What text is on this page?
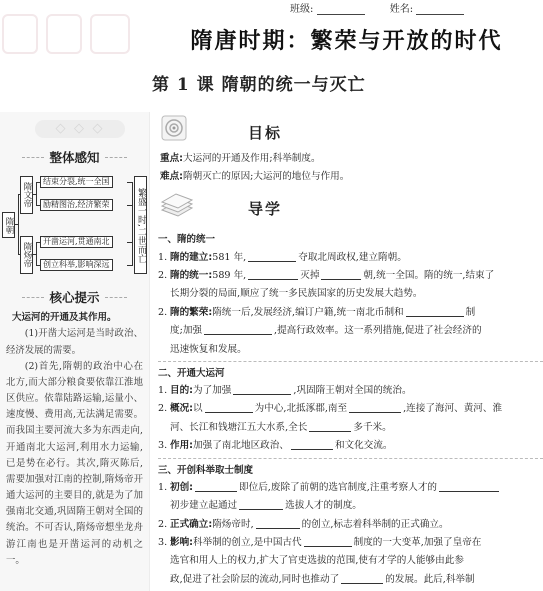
班级:	姓名:
隋唐时期：繁荣与开放的时代
第 1 课 隋朝的统一与灭亡
◇ ◇ ◇
整体感知
隋朝
隋文帝
隋炀帝
结束分裂,统一全国
励精图治,经济繁荣
开凿运河,贯通南北
创立科举,影响深远
繁盛一时,二世而亡
核心提示
大运河的开通及其作用。

(1)开凿大运河是当时政治、经济发展的需要。

(2)首先,隋朝的政治中心在北方,而大部分粮食要依靠江淮地区供应。依靠陆路运输,运量小、速度慢、费用高,无法满足需要。而我国主要河流大多为东西走向,开通南北大运河,利用水力运输,已是势在必行。其次,隋灭陈后,需要加强对江南的控制,隋炀帝开通大运河的主要目的,就是为了加强南北交通,巩固隋王朝对全国的统治。不可否认,隋炀帝想坐龙舟游江南也是开凿运河的动机之一。

目标
重点:大运河的开通及作用;科举制度。
难点:隋朝灭亡的原因;大运河的地位与作用。
导学
一、隋的统一
1. 隋的建立:581 年,	夺取北周政权,建立隋朝。
2. 隋的统一:589 年,	灭掉	朝,统一全国。隋的统一,结束了
长期分裂的局面,顺应了统一多民族国家的历史发展大趋势。
2. 隋的繁荣:隋统一后,发展经济,编订户籍,统一南北币制和	制
度;加强	,提高行政效率。这一系列措施,促进了社会经济的
迅速恢复和发展。
二、开通大运河
1. 目的:为了加强	,巩固隋王朝对全国的统治。
2. 概况:以	为中心,北抵涿郡,南至	,连接了海河、黄河、淮
河、长江和钱塘江五大水系,全长	多千米。
3. 作用:加强了南北地区政治、	和文化交流。
三、开创科举取士制度
1. 初创:	即位后,废除了前朝的选官制度,注重考察人才的
初步建立起通过	选拔人才的制度。
2. 正式确立:隋炀帝时,	的创立,标志着科举制的正式确立。
3. 影响:科举制的创立,是中国古代	制度的一大变革,加强了皇帝在
选官和用人上的权力,扩大了官吏选拔的范围,使有才学的人能够由此参
政,促进了社会阶层的流动,同时也推动了	的发展。此后,科举制
